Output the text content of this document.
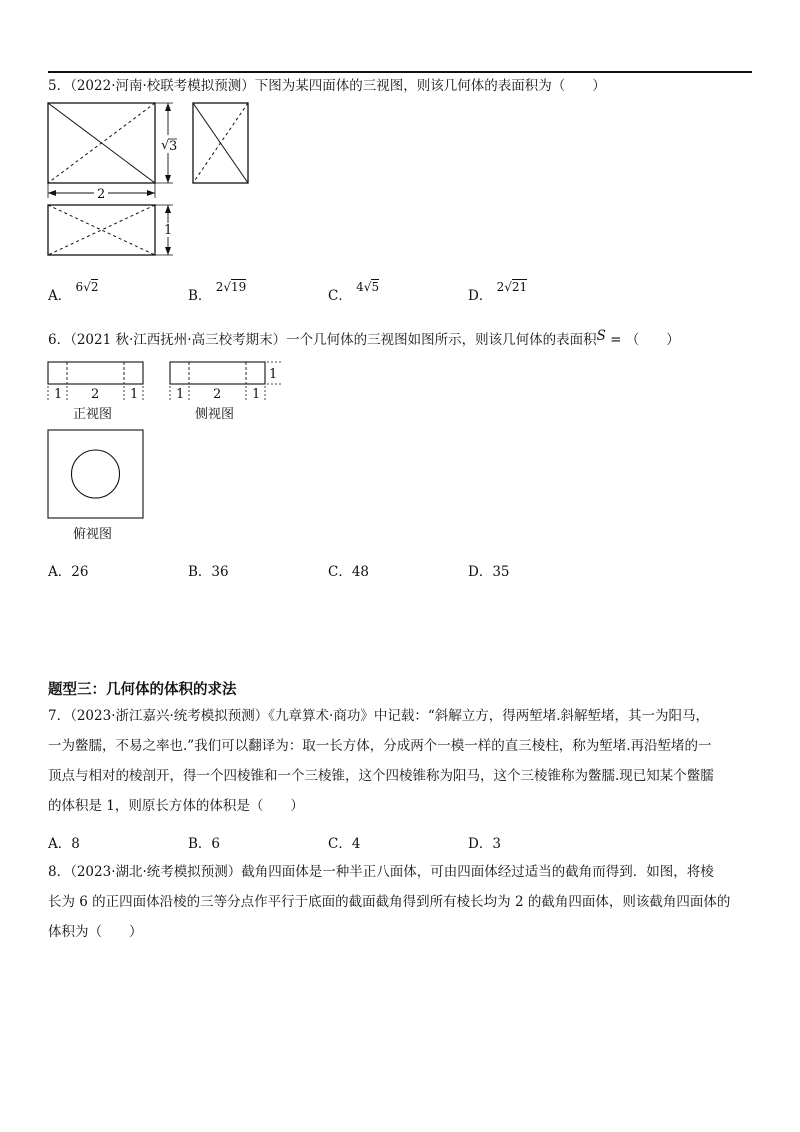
5．（2022·河南·校联考模拟预测）下图为某四面体的三视图，则该几何体的表面积为（　　）
2
√ 3
1
A． 6√2
B． 2√19
C． 4√5
D． 2√21
6．（2021 秋·江西抚州·高三校考期末）一个几何体的三视图如图所示，则该几何体的表面积S = （　　）
1 2 1	1 2 1
1
正视图	侧视图
俯视图
A．26	B．36	C．48	D．35
题型三：几何体的体积的求法
7．（2023·浙江嘉兴·统考模拟预测）《九章算术·商功》中记载：“斜解立方，得两堑堵.斜解堑堵，其一为阳马，
一为鳖臑，不易之率也.”我们可以翻译为：取一长方体，分成两个一模一样的直三棱柱，称为堑堵.再沿堑堵的一
顶点与相对的棱剖开，得一个四棱锥和一个三棱锥，这个四棱锥称为阳马，这个三棱锥称为鳖臑.现已知某个鳖臑
的体积是 1，则原长方体的体积是（　　）
A．8	B．6	C．4	D．3
8．（2023·湖北·统考模拟预测）截角四面体是一种半正八面体，可由四面体经过适当的截角而得到．如图，将棱
长为 6 的正四面体沿棱的三等分点作平行于底面的截面截角得到所有棱长均为 2 的截角四面体，则该截角四面体的
体积为（　　）
